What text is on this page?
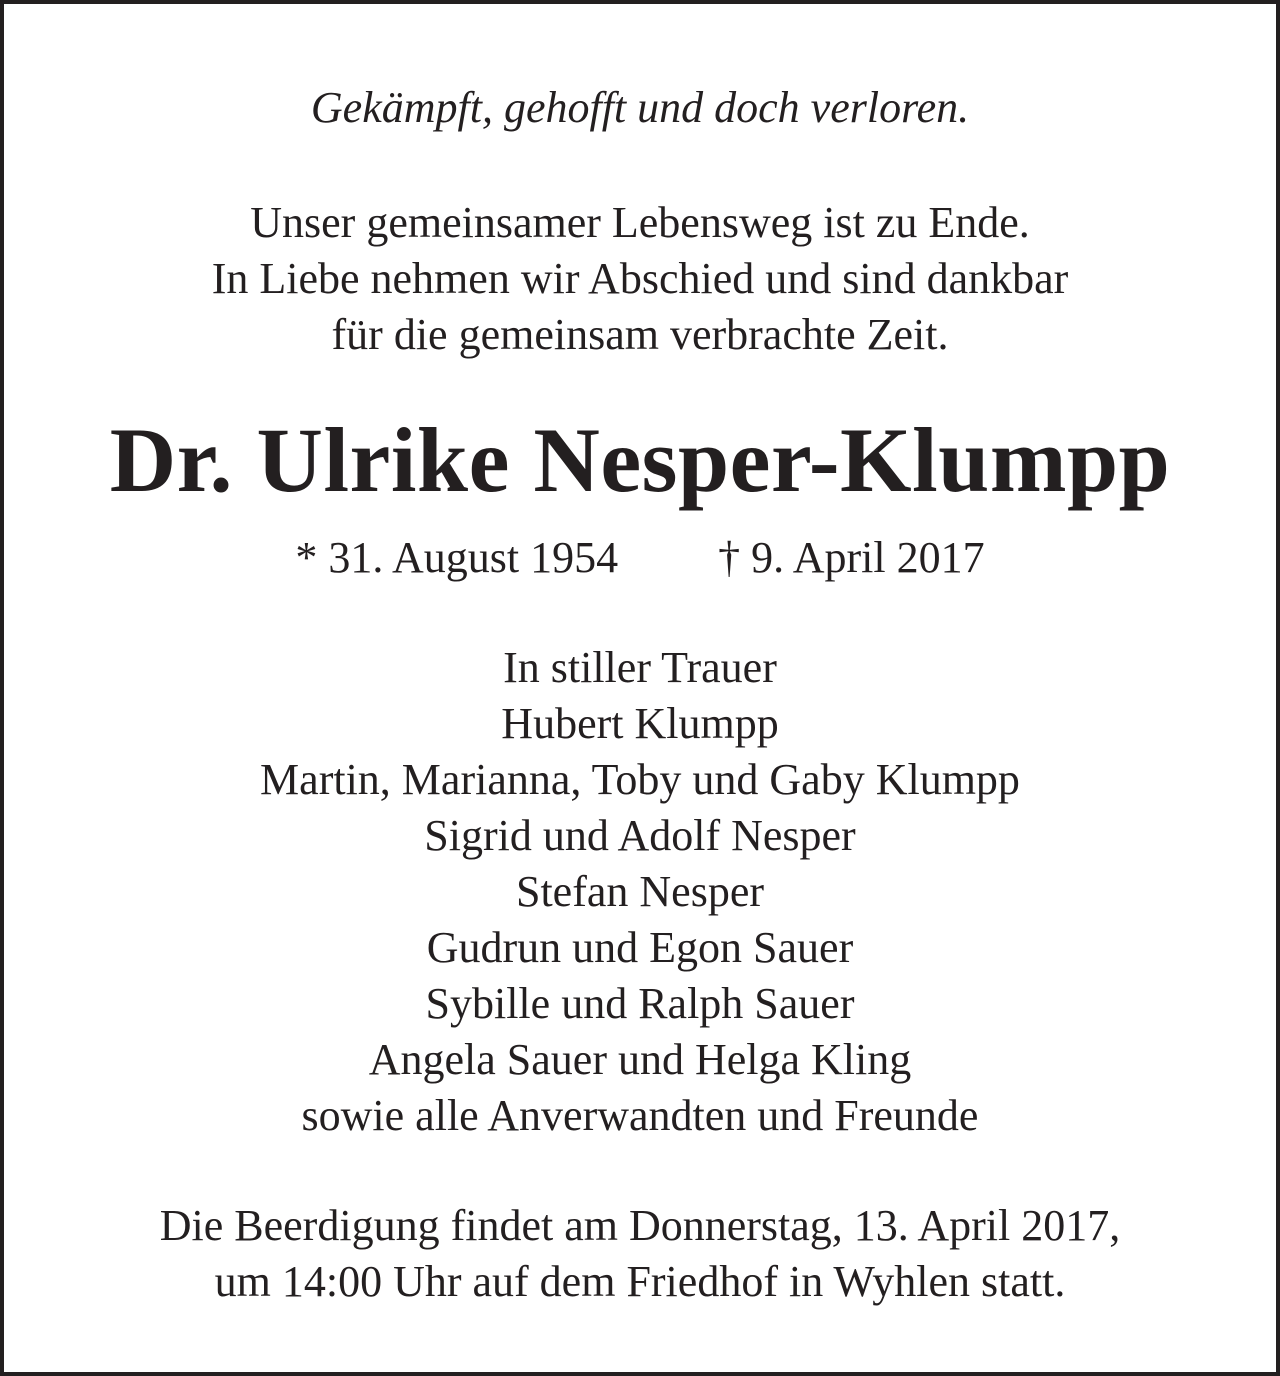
Gekämpft, gehofft und doch verloren.
Unser gemeinsamer Lebensweg ist zu Ende.
In Liebe nehmen wir Abschied und sind dankbar
für die gemeinsam verbrachte Zeit.
Dr. Ulrike Nesper-Klumpp
* 31. August 1954 † 9. April 2017
In stiller Trauer
Hubert Klumpp
Martin, Marianna, Toby und Gaby Klumpp
Sigrid und Adolf Nesper
Stefan Nesper
Gudrun und Egon Sauer
Sybille und Ralph Sauer
Angela Sauer und Helga Kling
sowie alle Anverwandten und Freunde
Die Beerdigung findet am Donnerstag, 13. April 2017,
um 14:00 Uhr auf dem Friedhof in Wyhlen statt.
